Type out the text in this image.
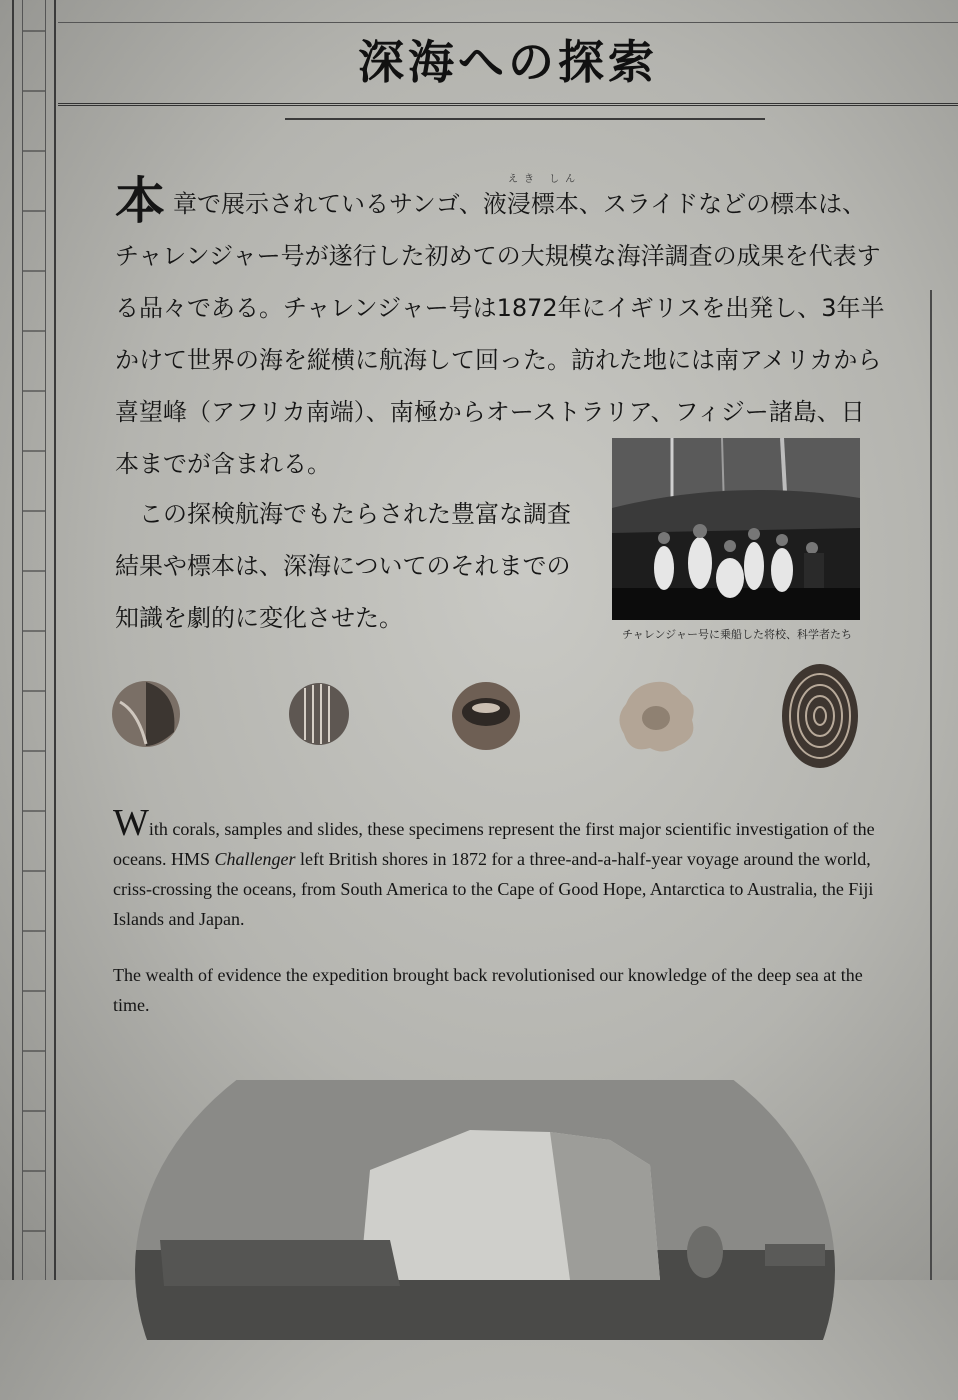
深海への探索
えき しん

本章で展示されているサンゴ、液浸標本、スライドなどの標本は、チャレンジャー号が遂行した初めての大規模な海洋調査の成果を代表する品々である。チャレンジャー号は1872年にイギリスを出発し、3年半かけて世界の海を縦横に航海して回った。訪れた地には南アメリカから喜望峰（アフリカ南端）、南極からオーストラリア、フィジー諸島、日本までが含まれる。

この探検航海でもたらされた豊富な調査結果や標本は、深海についてのそれまでの知識を劇的に変化させた。

チャレンジャー号に乗船した将校、科学者たち

With corals, samples and slides, these specimens represent the first major scientific investigation of the oceans. HMS Challenger left British shores in 1872 for a three-and-a-half-year voyage around the world, criss-crossing the oceans, from South America to the Cape of Good Hope, Antarctica to Australia, the Fiji Islands and Japan.

The wealth of evidence the expedition brought back revolutionised our knowledge of the deep sea at the time.
